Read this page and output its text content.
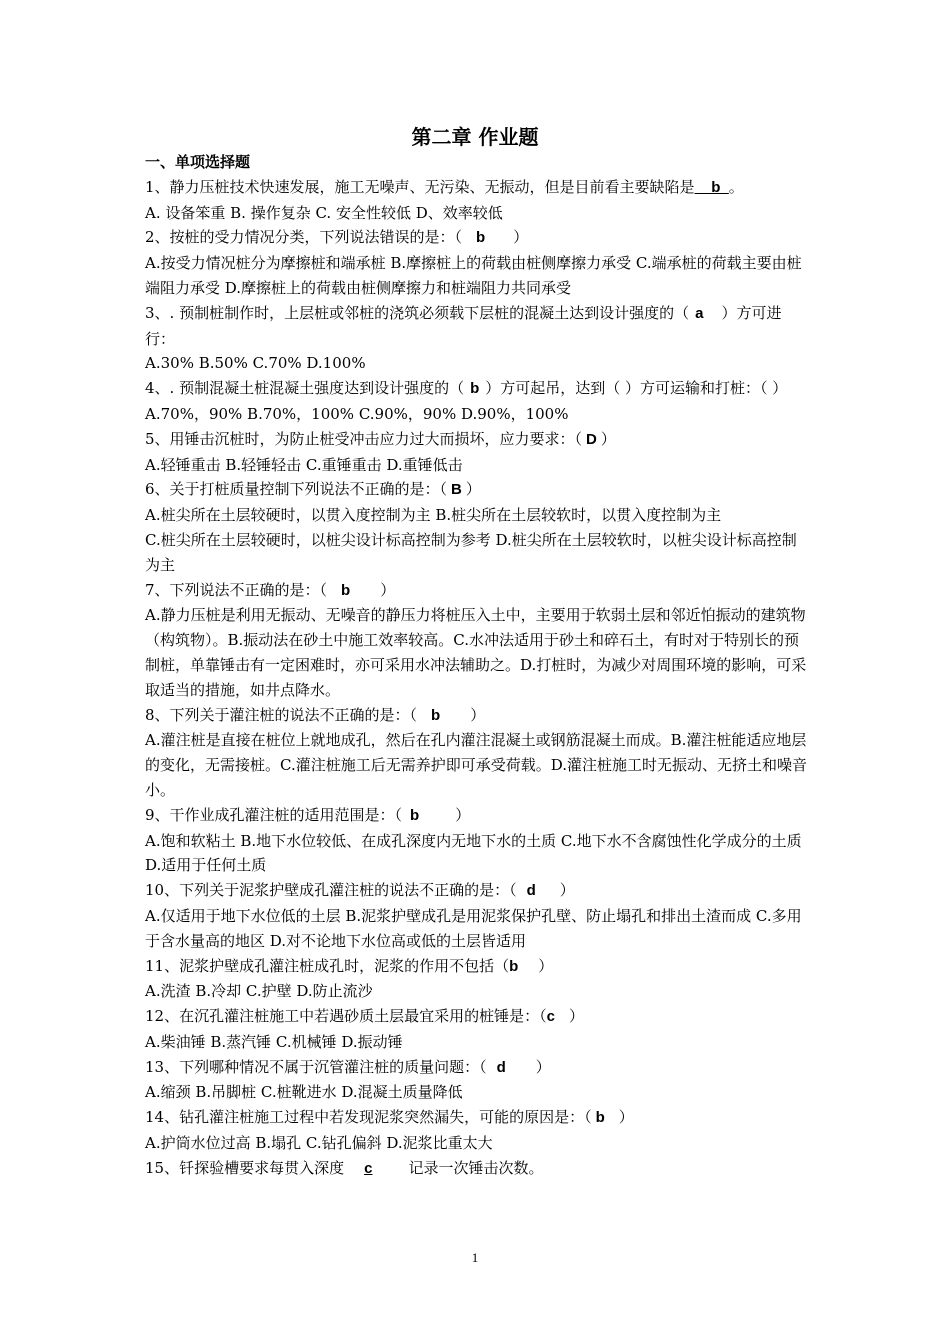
第二章 作业题
一、单项选择题
1、静力压桩技术快速发展，施工无噪声、无污染、无振动，但是目前看主要缺陷是__b_。
A. 设备笨重 B. 操作复杂 C. 安全性较低 D、效率较低
2、按桩的受力情况分类，下列说法错误的是：（ b ）
A.按受力情况桩分为摩擦桩和端承桩 B.摩擦桩上的荷载由桩侧摩擦力承受 C.端承桩的荷载主要由桩端阻力承受 D.摩擦桩上的荷载由桩侧摩擦力和桩端阻力共同承受
3、. 预制桩制作时，上层桩或邻桩的浇筑必须载下层桩的混凝土达到设计强度的（ a ）方可进行：
A.30% B.50% C.70% D.100%
4、. 预制混凝土桩混凝土强度达到设计强度的（ b ）方可起吊，达到（ ）方可运输和打桩：（ ）
A.70%，90% B.70%，100% C.90%，90% D.90%，100%
5、用锤击沉桩时，为防止桩受冲击应力过大而损坏，应力要求：（ D ）
A.轻锤重击 B.轻锤轻击 C.重锤重击 D.重锤低击
6、关于打桩质量控制下列说法不正确的是：（ B ）
A.桩尖所在土层较硬时，以贯入度控制为主 B.桩尖所在土层较软时，以贯入度控制为主
C.桩尖所在土层较硬时，以桩尖设计标高控制为参考 D.桩尖所在土层较软时，以桩尖设计标高控制为主
7、下列说法不正确的是：（ b ）
A.静力压桩是利用无振动、无噪音的静压力将桩压入土中，主要用于软弱土层和邻近怕振动的建筑物（构筑物）。B.振动法在砂土中施工效率较高。C.水冲法适用于砂土和碎石土，有时对于特别长的预制桩，单靠锤击有一定困难时，亦可采用水冲法辅助之。D.打桩时，为减少对周围环境的影响，可采取适当的措施，如井点降水。
8、下列关于灌注桩的说法不正确的是：（ b ）
A.灌注桩是直接在桩位上就地成孔，然后在孔内灌注混凝土或钢筋混凝土而成。B.灌注桩能适应地层的变化，无需接桩。C.灌注桩施工后无需养护即可承受荷载。D.灌注桩施工时无振动、无挤土和噪音小。
9、干作业成孔灌注桩的适用范围是：（ b ）
A.饱和软粘土 B.地下水位较低、在成孔深度内无地下水的土质 C.地下水不含腐蚀性化学成分的土质 D.适用于任何土质
10、下列关于泥浆护壁成孔灌注桩的说法不正确的是：（ d ）
A.仅适用于地下水位低的土层 B.泥浆护壁成孔是用泥浆保护孔壁、防止塌孔和排出土渣而成 C.多用于含水量高的地区 D.对不论地下水位高或低的土层皆适用
11、泥浆护壁成孔灌注桩成孔时，泥浆的作用不包括（b ）
A.洗渣 B.冷却 C.护壁 D.防止流沙
12、在沉孔灌注桩施工中若遇砂质土层最宜采用的桩锤是：（c ）
A.柴油锤 B.蒸汽锤 C.机械锤 D.振动锤
13、下列哪种情况不属于沉管灌注桩的质量问题：（ d ）
A.缩颈 B.吊脚桩 C.桩靴进水 D.混凝土质量降低
14、钻孔灌注桩施工过程中若发现泥浆突然漏失，可能的原因是：（ b ）
A.护筒水位过高 B.塌孔 C.钻孔偏斜 D.泥浆比重太大
15、钎探验槽要求每贯入深度 c 记录一次锤击次数。
1
